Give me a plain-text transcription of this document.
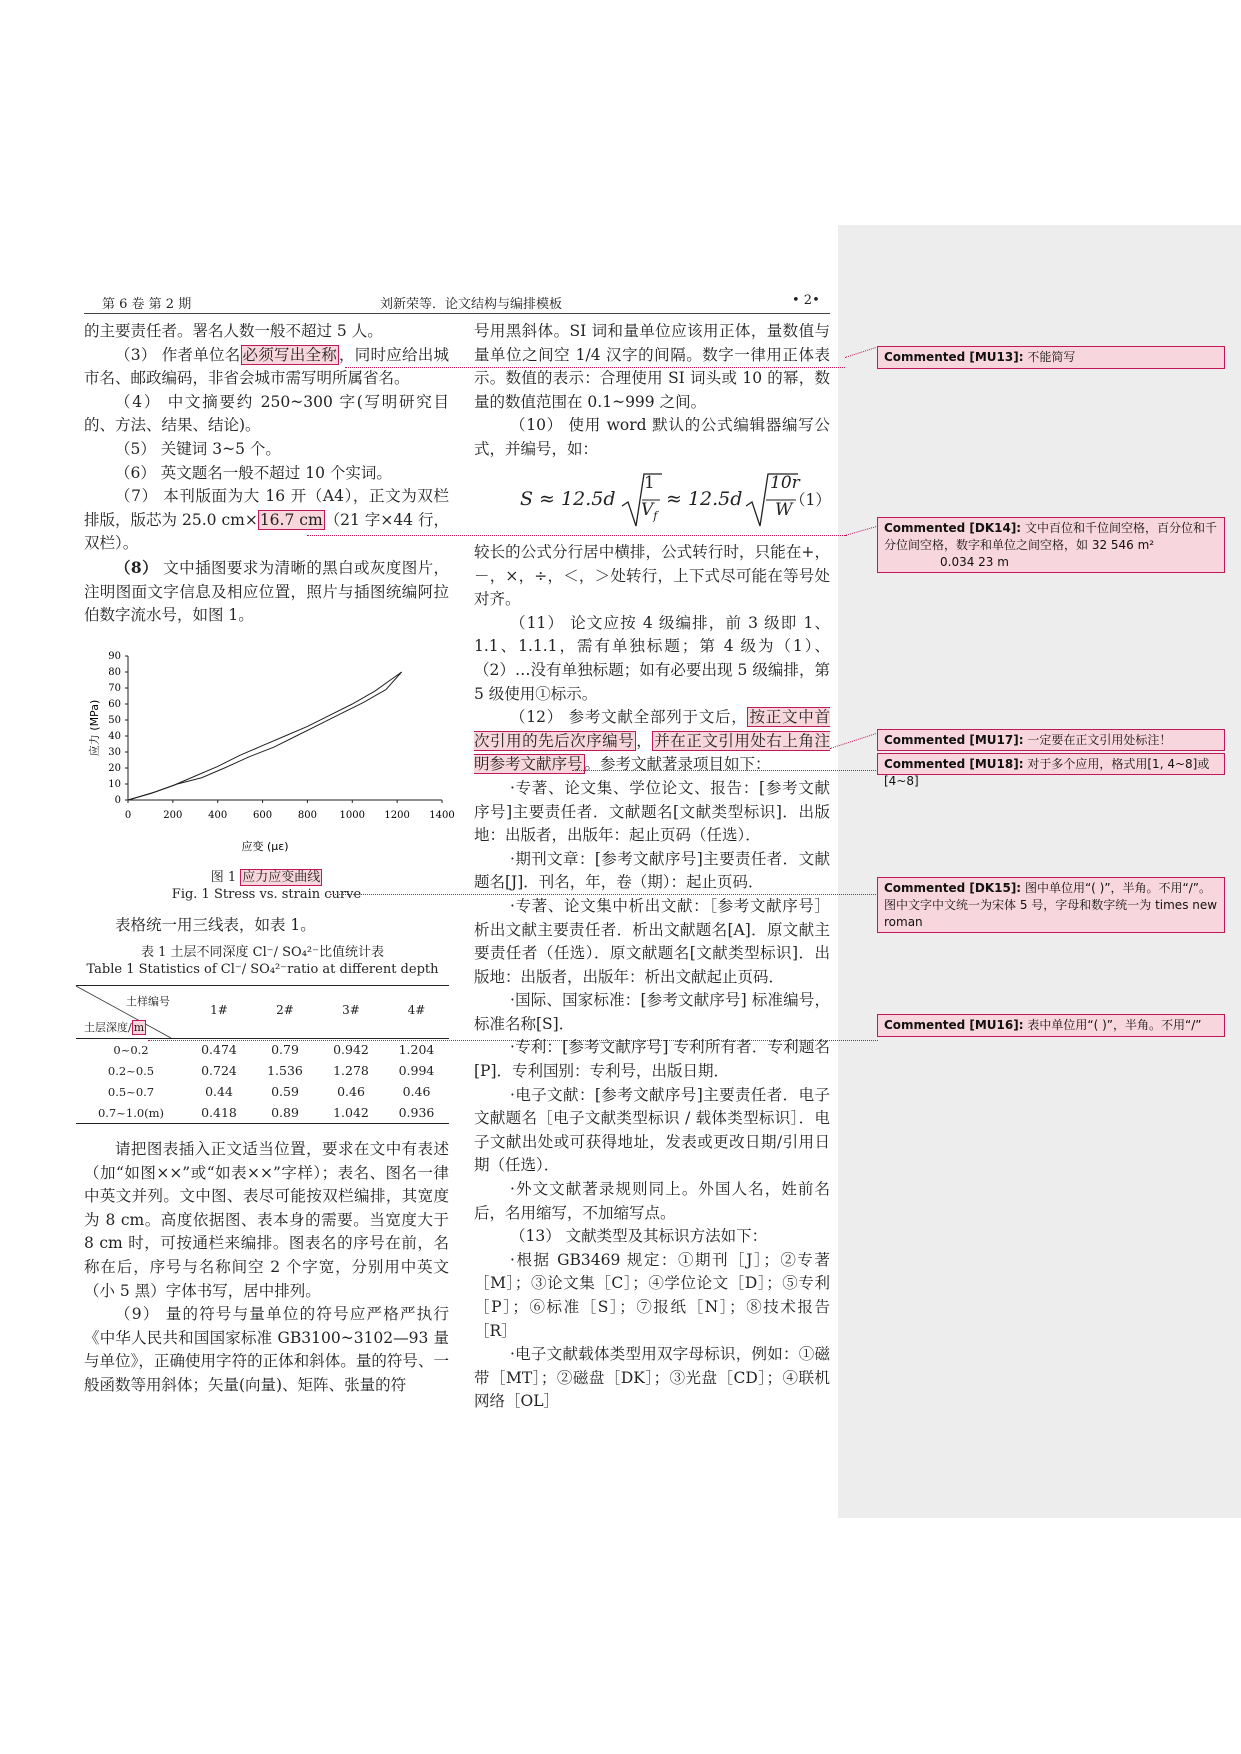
第 6 卷 第 2 期	刘新荣等．论文结构与编排模板	• 2•

的主要责任者。署名人数一般不超过 5 人。

（3） 作者单位名 必须写出全称 ，同时应给出城市名、邮政编码，非省会城市需写明所属省名。

（4） 中文摘要约 250~300 字(写明研究目的、方法、结果、结论)。

（5） 关键词 3~5 个。

（6） 英文题名一般不超过 10 个实词。

（7） 本刊版面为大 16 开（A4），正文为双栏排版，版芯为 25.0 cm× 16.7 cm （21 字×44 行，双栏）。

（8） 文中插图要求为清晰的黑白或灰度图片，注明图面文字信息及相应位置，照片与插图统编阿拉伯数字流水号，如图 1。

0
10
20
30
40
50
60
70
80
90
0	200	400	600	800 1000 1200 1400
应力 (MPa)
应变 (με)
图 1 应力应变曲线
Fig. 1 Stress vs. strain curve

表格统一用三线表，如表 1。

表 1 土层不同深度 Cl⁻/ SO₄²⁻比值统计表
Table 1 Statistics of Cl⁻/ SO₄²⁻ratio at different depth
土样编号
土层深度/ m
1#	2#	3#	4#
0~0.2	0.474	0.79	0.942	1.204
0.2~0.5	0.724	1.536	1.278	0.994
0.5~0.7	0.44	0.59	0.46	0.46
0.7~1.0(m)	0.418	0.89	1.042	0.936

请把图表插入正文适当位置，要求在文中有表述（加“如图××”或“如表××”字样）；表名、图名一律中英文并列。文中图、表尽可能按双栏编排，其宽度为 8 cm。高度依据图、表本身的需要。当宽度大于 8 cm 时，可按通栏来编排。图表名的序号在前，名称在后，序号与名称间空 2 个字宽，分别用中英文（小 5 黑）字体书写，居中排列。

（9） 量的符号与量单位的符号应严格严执行《中华人民共和国国家标准 GB3100~3102—93 量与单位》，正确使用字符的正体和斜体。量的符号、一般函数等用斜体；矢量(向量)、矩阵、张量的符

号用黑斜体。SI 词和量单位应该用正体，量数值与量单位之间空 1/4 汉字的间隔。数字一律用正体表示。数值的表示：合理使用 SI 词头或 10 的幂，数量的数值范围在 0.1~999 之间。

（10） 使用 word 默认的公式编辑器编写公式，并编号，如：

S ≈ 12.5d
1
$V_f$
≈ 12.5d
10r
W
（1）

较长的公式分行居中横排，公式转行时，只能在+，－，×，÷，＜，＞处转行，上下式尽可能在等号处对齐。

（11） 论文应按 4 级编排，前 3 级即 1、1.1、1.1.1，需有单独标题；第 4 级为（1）、（2）…没有单独标题；如有必要出现 5 级编排，第 5 级使用①标示。

（12） 参考文献全部列于文后， 按正文中首次引用的先后次序编号 ， 并在正文引用处右上角注明参考文献序号 。参考文献著录项目如下：

·专著、论文集、学位论文、报告：[参考文献序号]主要责任者．文献题名[文献类型标识]．出版地：出版者，出版年：起止页码（任选）．

·期刊文章：[参考文献序号]主要责任者．文献题名[J]．刊名，年，卷（期）：起止页码．

·专著、论文集中析出文献：［参考文献序号］析出文献主要责任者．析出文献题名[A]．原文献主要责任者（任选）．原文献题名[文献类型标识]．出版地：出版者，出版年：析出文献起止页码．

·国际、国家标准：[参考文献序号] 标准编号，标准名称[S]．

·专利：[参考文献序号] 专利所有者．专利题名[P]．专利国别：专利号，出版日期．

·电子文献：[参考文献序号]主要责任者．电子文献题名［电子文献类型标识 / 载体类型标识］．电子文献出处或可获得地址，发表或更改日期/引用日期（任选）．

·外文文献著录规则同上。外国人名，姓前名后，名用缩写，不加缩写点。

（13） 文献类型及其标识方法如下：

·根据 GB3469 规定：①期刊［J］；②专著［M］；③论文集［C］；④学位论文［D］；⑤专利［P］；⑥标准［S］；⑦报纸［N］；⑧技术报告［R］

·电子文献载体类型用双字母标识，例如：①磁带［MT］；②磁盘［DK］；③光盘［CD］；④联机网络［OL］

Commented [MU13]: 不能简写
Commented [DK14]: 文中百位和千位间空格，百分位和千分位间空格，数字和单位之间空格，如 32 546 m²
0.034 23 m
Commented [MU17]: 一定要在正文引用处标注！
Commented [MU18]: 对于多个应用，格式用[1, 4~8]或[4~8]
Commented [DK15]: 图中单位用“( )”，半角。不用“/”。图中文字中文统一为宋体 5 号，字母和数字统一为 times new roman
Commented [MU16]: 表中单位用“( )”，半角。不用“/”
